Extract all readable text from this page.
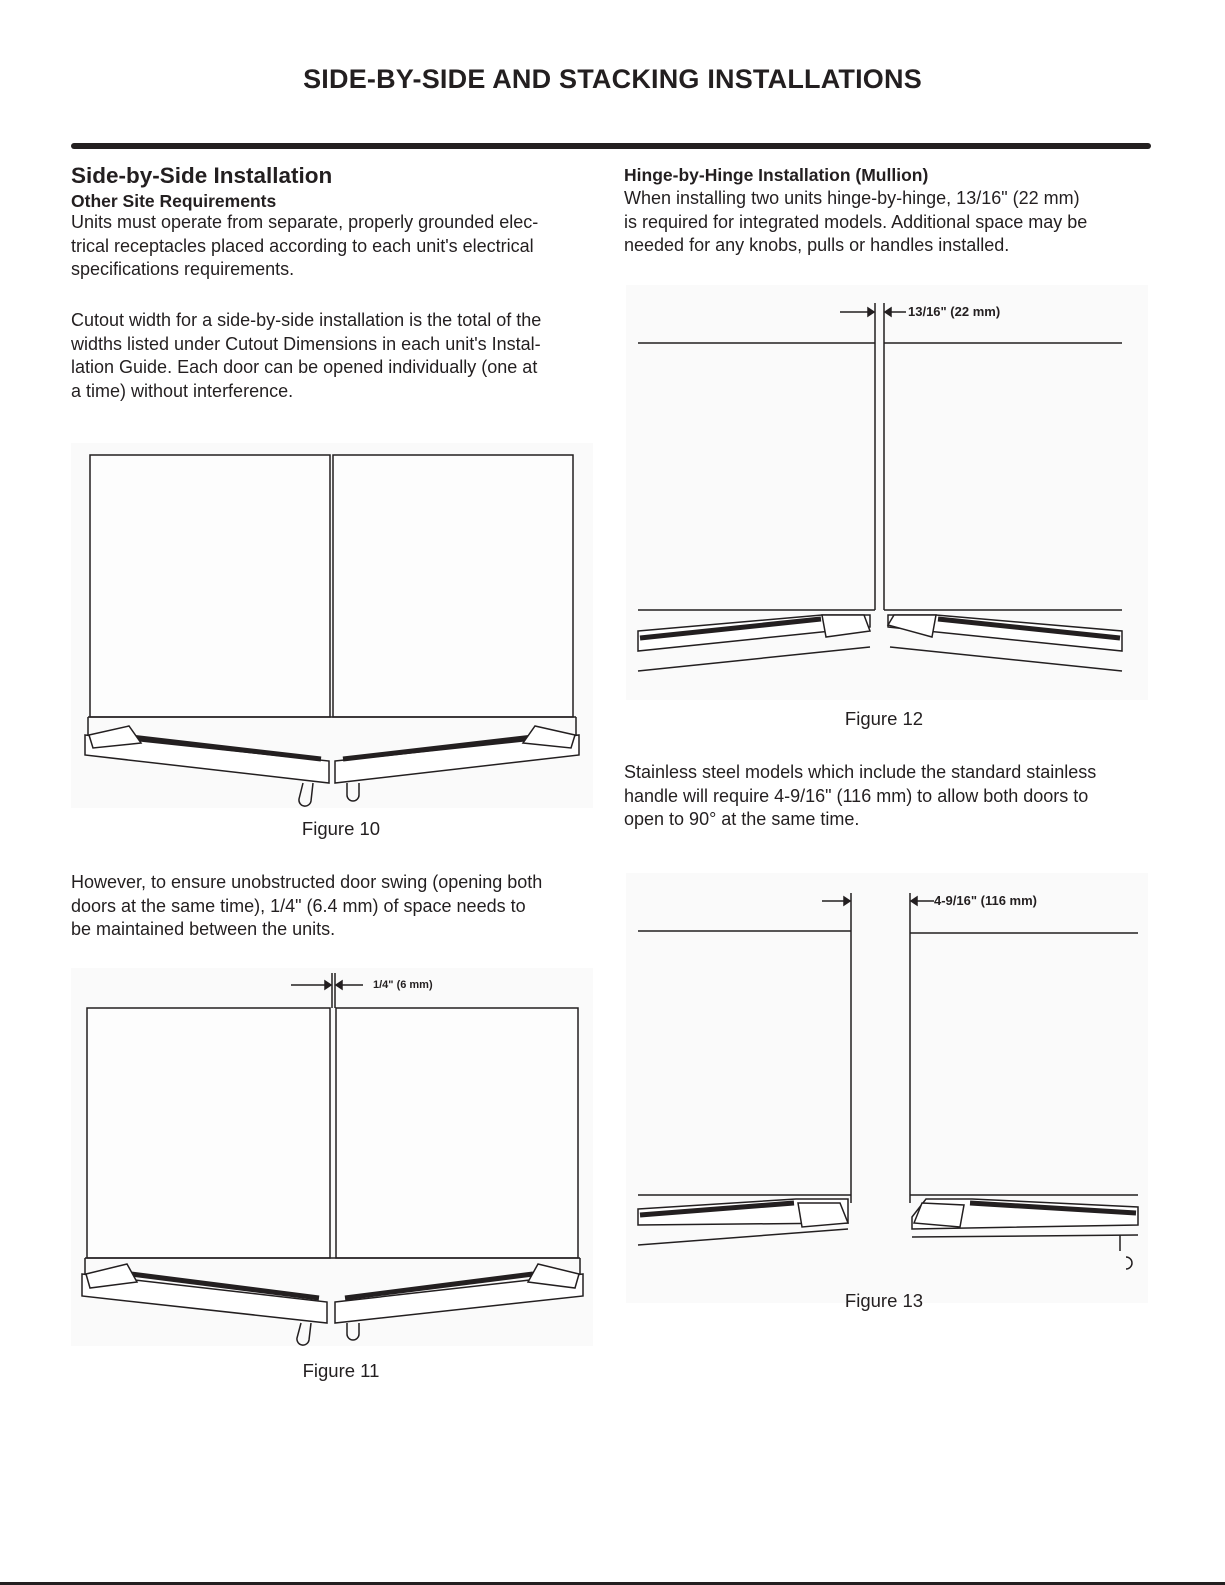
SIDE-BY-SIDE AND STACKING INSTALLATIONS
Side-by-Side Installation
Other Site Requirements
Units must operate from separate, properly grounded elec-
trical receptacles placed according to each unit's electrical
specifications requirements.
Cutout width for a side-by-side installation is the total of the
widths listed under Cutout Dimensions in each unit's Instal-
lation Guide. Each door can be opened individually (one at
a time) without interference.
Figure 10
However, to ensure unobstructed door swing (opening both
doors at the same time), 1/4" (6.4 mm) of space needs to
be maintained between the units.
1/4" (6 mm)
Figure 11
Hinge-by-Hinge Installation (Mullion)
When installing two units hinge-by-hinge, 13/16" (22 mm)
is required for integrated models. Additional space may be
needed for any knobs, pulls or handles installed.
13/16" (22 mm)
Figure 12
Stainless steel models which include the standard stainless
handle will require 4-9/16" (116 mm) to allow both doors to
open to 90° at the same time.
4-9/16" (116 mm)
Figure 13
